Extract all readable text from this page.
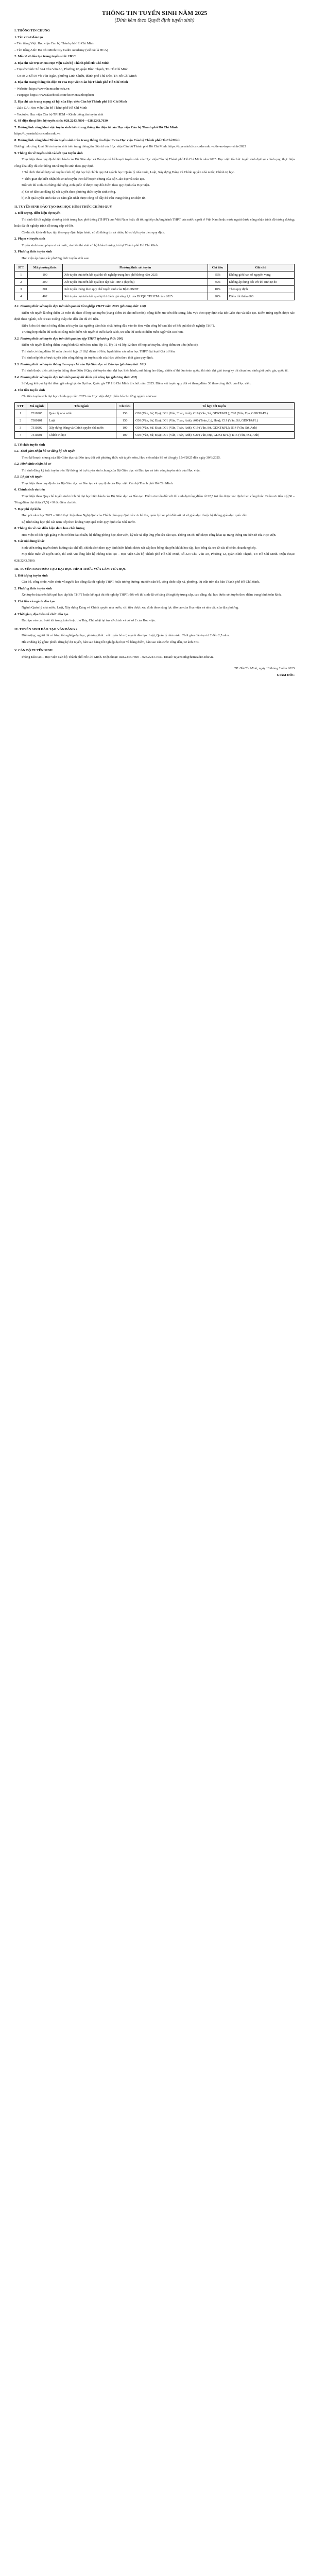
THÔNG TIN TUYỂN SINH NĂM 2025

(Đính kèm theo Quyết định tuyển sinh)

I. THÔNG TIN CHUNG

1. Tên cơ sở đào tạo

– Tên tiếng Việt: Học viện Cán bộ Thành phố Hồ Chí Minh

– Tên tiếng Anh: Ho Chi Minh City Cadre Academy (viết tắt là HCA)

2. Mã cơ sở đào tạo trong tuyển sinh: HCC

3. Địa chỉ các trụ sở của Học viện Cán bộ Thành phố Hồ Chí Minh

– Trụ sở chính: Số 324 Chu Văn An, Phường 12, quận Bình Thạnh, TP. Hồ Chí Minh

– Cơ sở 2: Số 59 Võ Văn Ngân, phường Linh Chiểu, thành phố Thủ Đức, TP. Hồ Chí Minh

4. Địa chỉ trang thông tin điện tử của Học viện Cán bộ Thành phố Hồ Chí Minh

– Website: https://www.hcmcadre.edu.vn

– Fanpage: https://www.facebook.com/hocviencanbotphcm

5. Địa chỉ các trang mạng xã hội của Học viện Cán bộ Thành phố Hồ Chí Minh

– Zalo OA: Học viện Cán bộ Thành phố Hồ Chí Minh

– Youtube: Học viện Cán bộ TP.HCM – Kênh thông tin tuyển sinh

6. Số điện thoại liên hệ tuyển sinh: 028.2243.7800 – 028.2243.7630

7. Đường link công khai việc tuyển sinh trên trang thông tin điện tử của Học viện Cán bộ Thành phố Hồ Chí Minh

https://tuyensinh.hcmcadre.edu.vn

8. Đường link công khai Đề án tuyển sinh trên trang thông tin điện tử của Học viện Cán bộ Thành phố Hồ Chí Minh

Đường link công khai Đề án tuyển sinh trên trang thông tin điện tử của Học viện Cán bộ Thành phố Hồ Chí Minh: https://tuyensinh.hcmcadre.edu.vn/de-an-tuyen-sinh-2025

9. Thông tin về tuyển sinh và kết quả tuyển sinh

Thực hiện theo quy định hiện hành của Bộ Giáo dục và Đào tạo và kế hoạch tuyển sinh của Học viện Cán bộ Thành phố Hồ Chí Minh năm 2025. Học viện tổ chức tuyển sinh đại học chính quy, thực hiện công khai đầy đủ các thông tin về tuyển sinh theo quy định.

+ Tổ chức thi kết hợp xét tuyển trình độ đại học hệ chính quy 04 ngành học: Quản lý nhà nước, Luật, Xây dựng Đảng và Chính quyền nhà nước, Chính trị học.

+ Thời gian dự kiến nhận hồ sơ xét tuyển theo kế hoạch chung của Bộ Giáo dục và Đào tạo.

Đối với thí sinh có chứng chỉ tiếng Anh quốc tế được quy đổi điểm theo quy định của Học viện.

a) Cơ sở đào tạo đăng ký xét tuyển theo phương thức tuyển sinh riêng.

b) Kết quả tuyển sinh của 02 năm gần nhất được công bố đầy đủ trên trang thông tin điện tử.

II. TUYỂN SINH ĐÀO TẠO ĐẠI HỌC HÌNH THỨC CHÍNH QUY

1. Đối tượng, điều kiện dự tuyển

Thí sinh đã tốt nghiệp chương trình trung học phổ thông (THPT) của Việt Nam hoặc đã tốt nghiệp chương trình THPT của nước ngoài ở Việt Nam hoặc nước ngoài được công nhận trình độ tương đương; hoặc đã tốt nghiệp trình độ trung cấp trở lên.

Có đủ sức khỏe để học tập theo quy định hiện hành; có đủ thông tin cá nhân, hồ sơ dự tuyển theo quy định.

2. Phạm vi tuyển sinh

Tuyển sinh trong phạm vi cả nước, ưu tiên thí sinh có hộ khẩu thường trú tại Thành phố Hồ Chí Minh.

3. Phương thức tuyển sinh

Học viện áp dụng các phương thức tuyển sinh sau:

STT	Mã phương thức	Phương thức xét tuyển	Chỉ tiêu	Ghi chú
1	100	Xét tuyển dựa trên kết quả thi tốt nghiệp trung học phổ thông năm 2025	35%	Không giới hạn số nguyện vọng
2	200	Xét tuyển dựa trên kết quả học tập bậc THPT (học bạ)	35%	Không áp dụng đối với thí sinh tự do
3	301	Xét tuyển thẳng theo quy chế tuyển sinh của Bộ GD&ĐT	10%	Theo quy định
4	402	Xét tuyển dựa trên kết quả kỳ thi đánh giá năng lực của ĐHQG TP.HCM năm 2025	20%	Điểm tối thiểu 600

3.1. Phương thức xét tuyển dựa trên kết quả thi tốt nghiệp THPT năm 2025 (phương thức 100)

Điểm xét tuyển là tổng điểm 03 môn thi theo tổ hợp xét tuyển (thang điểm 10 cho mỗi môn), cộng điểm ưu tiên đối tượng, khu vực theo quy định của Bộ Giáo dục và Đào tạo. Điểm trúng tuyển được xác định theo ngành, xét từ cao xuống thấp cho đến khi đủ chỉ tiêu.

Điều kiện: thí sinh có tổng điểm xét tuyển đạt ngưỡng đảm bảo chất lượng đầu vào do Học viện công bố sau khi có kết quả thi tốt nghiệp THPT.

Trường hợp nhiều thí sinh có cùng mức điểm xét tuyển ở cuối danh sách, ưu tiên thí sinh có điểm môn Ngữ văn cao hơn.

3.2. Phương thức xét tuyển dựa trên kết quả học tập THPT (phương thức 200)

Điểm xét tuyển là tổng điểm trung bình 03 môn học năm lớp 10, lớp 11 và lớp 12 theo tổ hợp xét tuyển, cộng điểm ưu tiên (nếu có).

Thí sinh có tổng điểm 03 môn theo tổ hợp từ 18,0 điểm trở lên; hạnh kiểm các năm học THPT đạt loại Khá trở lên.

Thí sinh nộp hồ sơ trực tuyến trên cổng thông tin tuyển sinh của Học viện theo thời gian quy định.

3.3. Phương thức xét tuyển thẳng theo quy chế của Bộ Giáo dục và Đào tạo (phương thức 301)

Thí sinh thuộc diện xét tuyển thẳng theo Điều 8 Quy chế tuyển sinh đại học hiện hành; anh hùng lao động, chiến sĩ thi đua toàn quốc; thí sinh đạt giải trong kỳ thi chọn học sinh giỏi quốc gia, quốc tế.

3.4. Phương thức xét tuyển dựa trên kết quả kỳ thi đánh giá năng lực (phương thức 402)

Sử dụng kết quả kỳ thi đánh giá năng lực do Đại học Quốc gia TP. Hồ Chí Minh tổ chức năm 2025. Điểm xét tuyển quy đổi về thang điểm 30 theo công thức của Học viện.

4. Chỉ tiêu tuyển sinh

Chỉ tiêu tuyển sinh đại học chính quy năm 2025 của Học viện được phân bổ cho từng ngành như sau:

STT	Mã ngành	Tên ngành	Chỉ tiêu	Tổ hợp xét tuyển
1	7310205	Quản lý nhà nước	150	C00 (Văn, Sử, Địa); D01 (Văn, Toán, Anh); C19 (Văn, Sử, GDKT&PL); C20 (Văn, Địa, GDKT&PL)
2	7380101	Luật	150	C00 (Văn, Sử, Địa); D01 (Văn, Toán, Anh); A00 (Toán, Lý, Hóa); C19 (Văn, Sử, GDKT&PL)
3	7310202	Xây dựng Đảng và Chính quyền nhà nước	100	C00 (Văn, Sử, Địa); D01 (Văn, Toán, Anh); C19 (Văn, Sử, GDKT&PL); D14 (Văn, Sử, Anh)
4	7310201	Chính trị học	100	C00 (Văn, Sử, Địa); D01 (Văn, Toán, Anh); C20 (Văn, Địa, GDKT&PL); D15 (Văn, Địa, Anh)

5. Tổ chức tuyển sinh

5.1. Thời gian nhận hồ sơ đăng ký xét tuyển

Theo kế hoạch chung của Bộ Giáo dục và Đào tạo; đối với phương thức xét tuyển sớm, Học viện nhận hồ sơ từ ngày 15/4/2025 đến ngày 30/6/2025.

5.2. Hình thức nhận hồ sơ

Thí sinh đăng ký trực tuyến trên Hệ thống hỗ trợ tuyển sinh chung của Bộ Giáo dục và Đào tạo và trên cổng tuyển sinh của Học viện.

5.3. Lệ phí xét tuyển

Thực hiện theo quy định của Bộ Giáo dục và Đào tạo và quy định của Học viện Cán bộ Thành phố Hồ Chí Minh.

6. Chính sách ưu tiên

Thực hiện theo Quy chế tuyển sinh trình độ đại học hiện hành của Bộ Giáo dục và Đào tạo. Điểm ưu tiên đối với thí sinh đạt tổng điểm từ 22,5 trở lên được xác định theo công thức: Điểm ưu tiên = [(30 – Tổng điểm đạt được)/7,5] × Mức điểm ưu tiên.

7. Học phí dự kiến

Học phí năm học 2025 – 2026 thực hiện theo Nghị định của Chính phủ quy định về cơ chế thu, quản lý học phí đối với cơ sở giáo dục thuộc hệ thống giáo dục quốc dân.

Lộ trình tăng học phí các năm tiếp theo không vượt quá mức quy định của Nhà nước.

8. Thông tin về các điều kiện đảm bảo chất lượng

Học viện có đội ngũ giảng viên cơ hữu đạt chuẩn, hệ thống phòng học, thư viện, ký túc xá đáp ứng yêu cầu đào tạo. Thông tin chi tiết được công khai tại trang thông tin điện tử của Học viện.

9. Các nội dung khác

Sinh viên trúng tuyển được hưởng các chế độ, chính sách theo quy định hiện hành; được xét cấp học bổng khuyến khích học tập, học bổng tài trợ từ các tổ chức, doanh nghiệp.

Mọi thắc mắc về tuyển sinh, thí sinh vui lòng liên hệ Phòng Đào tạo – Học viện Cán bộ Thành phố Hồ Chí Minh, số 324 Chu Văn An, Phường 12, quận Bình Thạnh, TP. Hồ Chí Minh. Điện thoại: 028.2243.7800.

III. TUYỂN SINH ĐÀO TẠO ĐẠI HỌC HÌNH THỨC VỪA LÀM VỪA HỌC

1. Đối tượng tuyển sinh

Cán bộ, công chức, viên chức và người lao động đã tốt nghiệp THPT hoặc tương đương; ưu tiên cán bộ, công chức cấp xã, phường, thị trấn trên địa bàn Thành phố Hồ Chí Minh.

2. Phương thức tuyển sinh

Xét tuyển dựa trên kết quả học tập bậc THPT hoặc kết quả thi tốt nghiệp THPT; đối với thí sinh đã có bằng tốt nghiệp trung cấp, cao đẳng, đại học được xét tuyển theo điểm trung bình toàn khóa.

3. Chỉ tiêu và ngành đào tạo

Ngành Quản lý nhà nước, Luật, Xây dựng Đảng và Chính quyền nhà nước; chỉ tiêu được xác định theo năng lực đào tạo của Học viện và nhu cầu của địa phương.

4. Thời gian, địa điểm tổ chức đào tạo

Đào tạo vào các buổi tối trong tuần hoặc thứ Bảy, Chủ nhật tại trụ sở chính và cơ sở 2 của Học viện.

IV. TUYỂN SINH ĐÀO TẠO VĂN BẰNG 2

Đối tượng: người đã có bằng tốt nghiệp đại học; phương thức: xét tuyển hồ sơ; ngành đào tạo: Luật, Quản lý nhà nước. Thời gian đào tạo từ 2 đến 2,5 năm.

Hồ sơ đăng ký gồm: phiếu đăng ký dự tuyển, bản sao bằng tốt nghiệp đại học và bảng điểm, bản sao căn cước công dân, 02 ảnh 3×4.

V. CÁN BỘ TUYỂN SINH

Phòng Đào tạo – Học viện Cán bộ Thành phố Hồ Chí Minh. Điện thoại: 028.2243.7800 – 028.2243.7630. Email: tuyensinh@hcmcadre.edu.vn.

TP. Hồ Chí Minh, ngày 10 tháng 3 năm 2025

GIÁM ĐỐC
